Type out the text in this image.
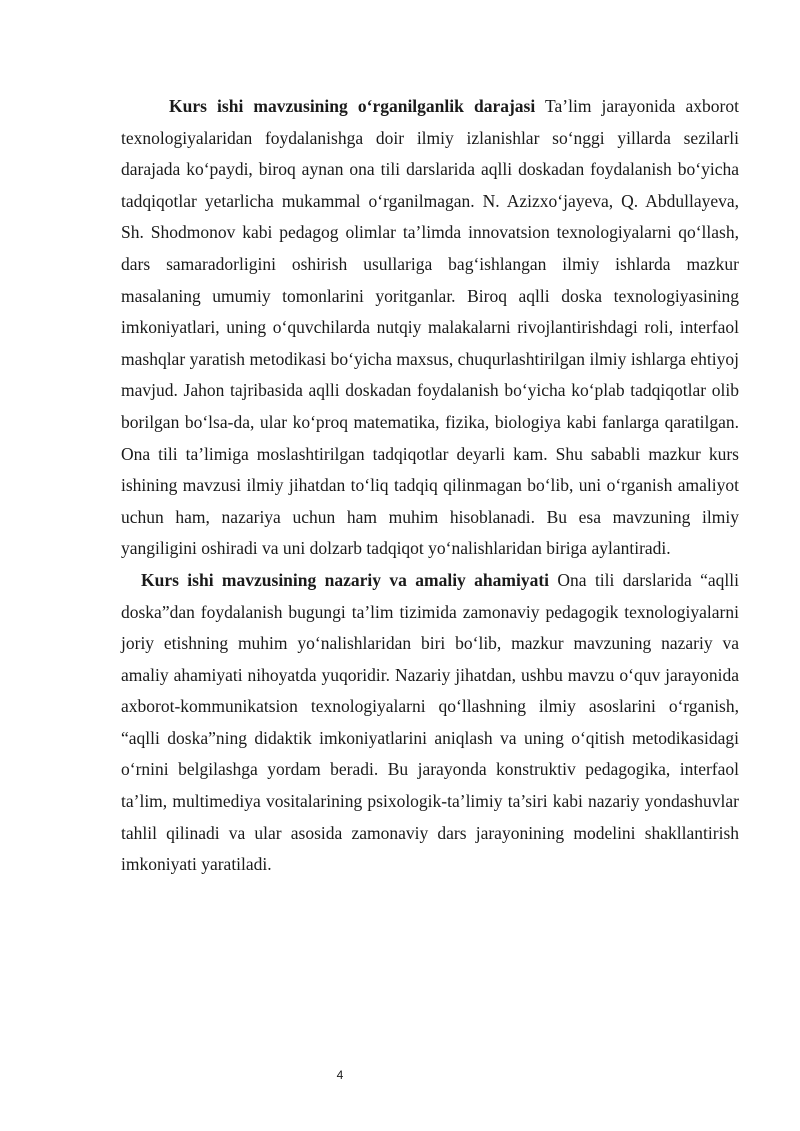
Kurs ishi mavzusining o‘rganilganlik darajasi Ta’lim jarayonida axborot texnologiyalaridan foydalanishga doir ilmiy izlanishlar so‘nggi yillarda sezilarli darajada ko‘paydi, biroq aynan ona tili darslarida aqlli doskadan foydalanish bo‘yicha tadqiqotlar yetarlicha mukammal o‘rganilmagan. N. Azizxo‘jayeva, Q. Abdullayeva, Sh. Shodmonov kabi pedagog olimlar ta’limda innovatsion texnologiyalarni qo‘llash, dars samaradorligini oshirish usullariga bag‘ishlangan ilmiy ishlarda mazkur masalaning umumiy tomonlarini yoritganlar. Biroq aqlli doska texnologiyasining imkoniyatlari, uning o‘quvchilarda nutqiy malakalarni rivojlantirishdagi roli, interfaol mashqlar yaratish metodikasi bo‘yicha maxsus, chuqurlashtirilgan ilmiy ishlarga ehtiyoj mavjud. Jahon tajribasida aqlli doskadan foydalanish bo‘yicha ko‘plab tadqiqotlar olib borilgan bo‘lsa-da, ular ko‘proq matematika, fizika, biologiya kabi fanlarga qaratilgan. Ona tili ta’limiga moslashtirilgan tadqiqotlar deyarli kam. Shu sababli mazkur kurs ishining mavzusi ilmiy jihatdan to‘liq tadqiq qilinmagan bo‘lib, uni o‘rganish amaliyot uchun ham, nazariya uchun ham muhim hisoblanadi. Bu esa mavzuning ilmiy yangiligini oshiradi va uni dolzarb tadqiqot yo‘nalishlaridan biriga aylantiradi.

Kurs ishi mavzusining nazariy va amaliy ahamiyati Ona tili darslarida “aqlli doska”dan foydalanish bugungi ta’lim tizimida zamonaviy pedagogik texnologiyalarni joriy etishning muhim yo‘nalishlaridan biri bo‘lib, mazkur mavzuning nazariy va amaliy ahamiyati nihoyatda yuqoridir. Nazariy jihatdan, ushbu mavzu o‘quv jarayonida axborot-kommunikatsion texnologiyalarni qo‘llashning ilmiy asoslarini o‘rganish, “aqlli doska”ning didaktik imkoniyatlarini aniqlash va uning o‘qitish metodikasidagi o‘rnini belgilashga yordam beradi. Bu jarayonda konstruktiv pedagogika, interfaol ta’lim, multimediya vositalarining psixologik-ta’limiy ta’siri kabi nazariy yondashuvlar tahlil qilinadi va ular asosida zamonaviy dars jarayonining modelini shakllantirish imkoniyati yaratiladi.

4
